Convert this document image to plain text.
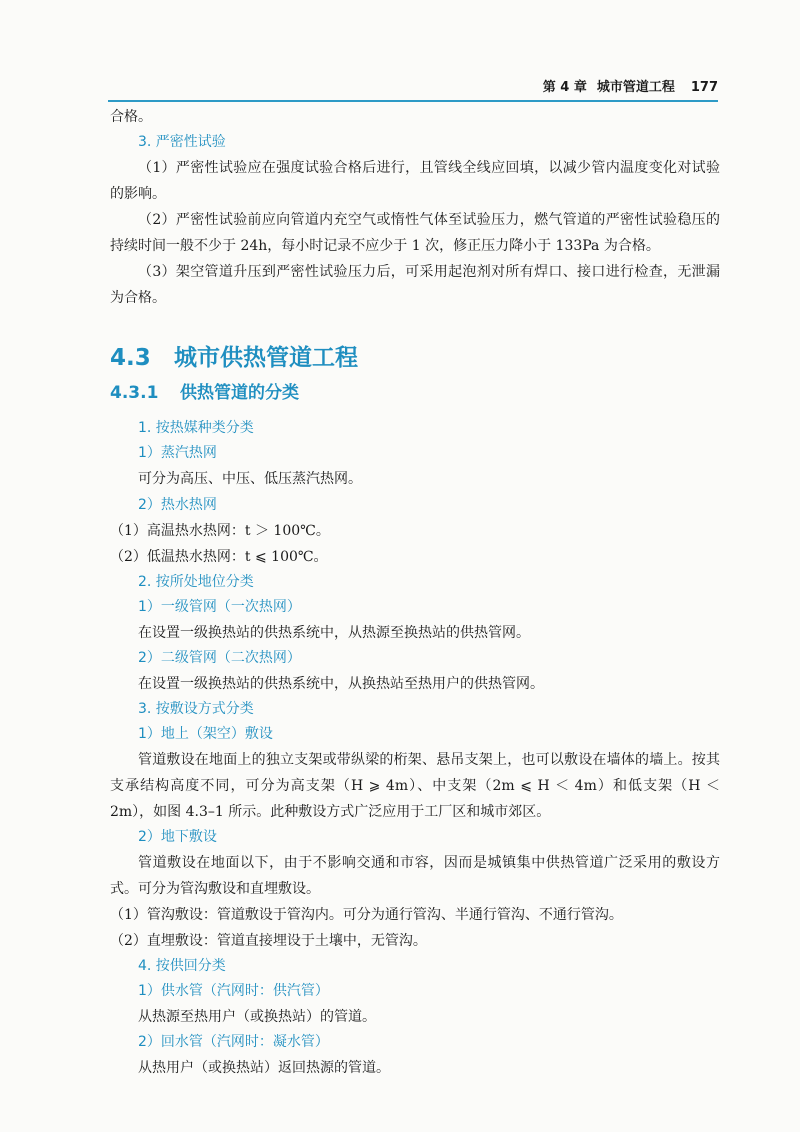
第 4 章 城市管道工程 177

合格。

3. 严密性试验

（1）严密性试验应在强度试验合格后进行，且管线全线应回填，以减少管内温度变化对试验的影响。

（2）严密性试验前应向管道内充空气或惰性气体至试验压力，燃气管道的严密性试验稳压的持续时间一般不少于 24h，每小时记录不应少于 1 次，修正压力降小于 133Pa 为合格。

（3）架空管道升压到严密性试验压力后，可采用起泡剂对所有焊口、接口进行检查，无泄漏为合格。

4.3 城市供热管道工程
4.3.1 供热管道的分类
1. 按热媒种类分类
1）蒸汽热网

可分为高压、中压、低压蒸汽热网。

2）热水热网

（1）高温热水热网：t ＞ 100℃。

（2）低温热水热网：t ⩽ 100℃。

2. 按所处地位分类
1）一级管网（一次热网）

在设置一级换热站的供热系统中，从热源至换热站的供热管网。

2）二级管网（二次热网）

在设置一级换热站的供热系统中，从换热站至热用户的供热管网。

3. 按敷设方式分类
1）地上（架空）敷设

管道敷设在地面上的独立支架或带纵梁的桁架、悬吊支架上，也可以敷设在墙体的墙上。按其支承结构高度不同，可分为高支架（H ⩾ 4m）、中支架（2m ⩽ H ＜ 4m）和低支架（H ＜ 2m），如图 4.3–1 所示。此种敷设方式广泛应用于工厂区和城市郊区。

2）地下敷设

管道敷设在地面以下，由于不影响交通和市容，因而是城镇集中供热管道广泛采用的敷设方式。可分为管沟敷设和直埋敷设。

（1）管沟敷设：管道敷设于管沟内。可分为通行管沟、半通行管沟、不通行管沟。

（2）直埋敷设：管道直接埋设于土壤中，无管沟。

4. 按供回分类
1）供水管（汽网时：供汽管）

从热源至热用户（或换热站）的管道。

2）回水管（汽网时：凝水管）

从热用户（或换热站）返回热源的管道。
